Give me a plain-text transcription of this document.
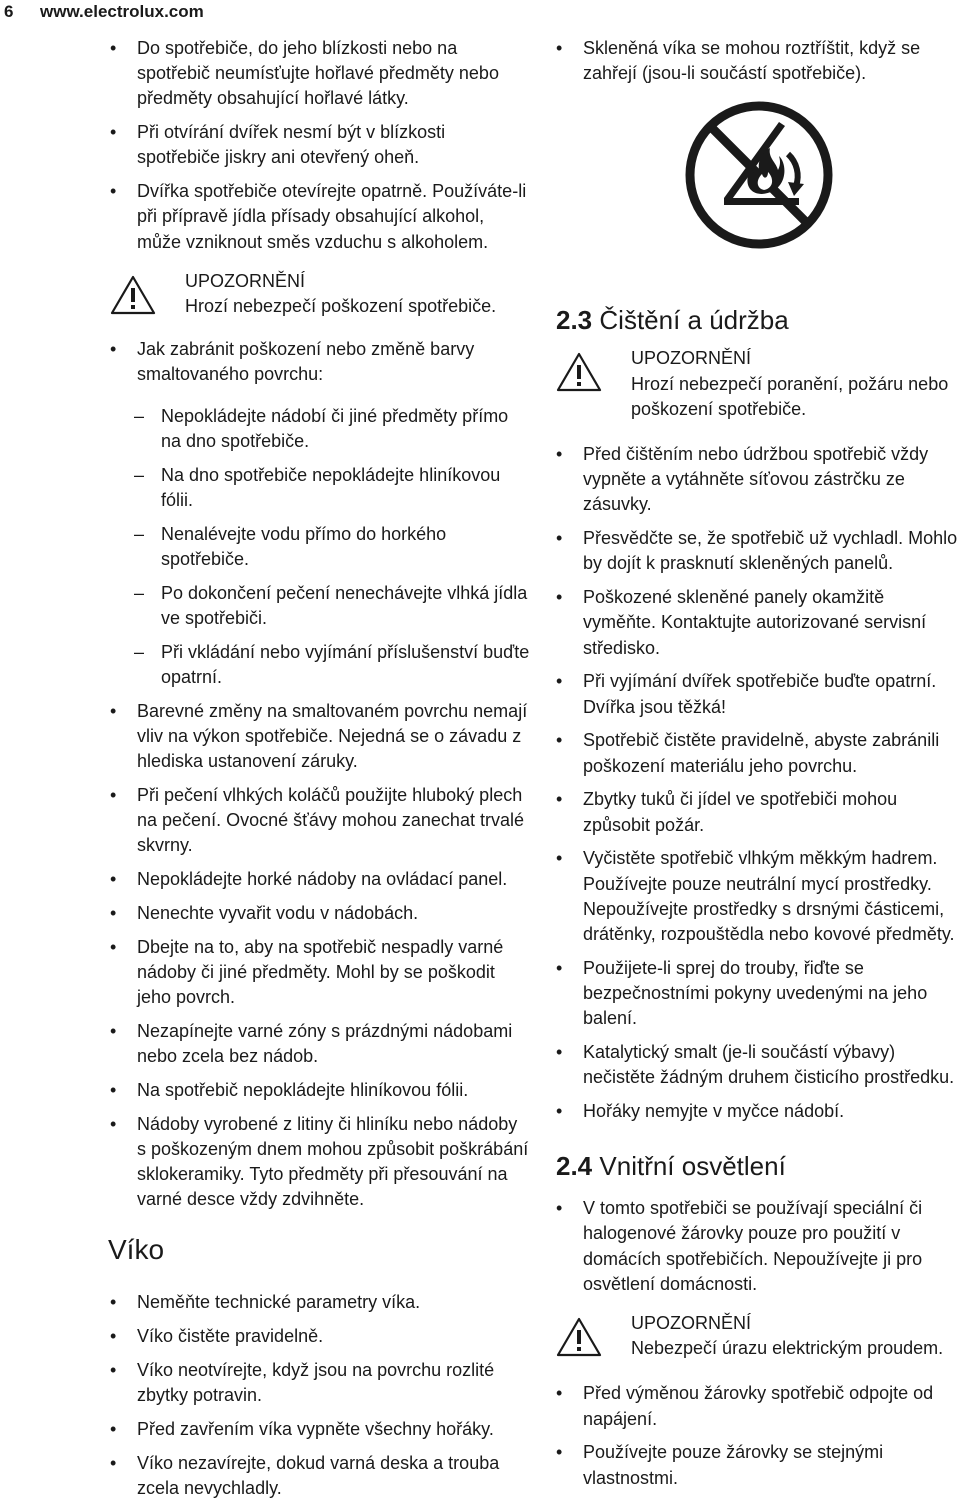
6 www.electrolux.com
• Do spotřebiče, do jeho blízkosti nebo na spotřebič neumísťujte hořlavé předměty nebo předměty obsahující hořlavé látky.
• Při otvírání dvířek nesmí být v blízkosti spotřebiče jiskry ani otevřený oheň.
• Dvířka spotřebiče otevírejte opatrně. Používáte-li při přípravě jídla přísady obsahující alkohol, může vzniknout směs vzduchu s alkoholem.
UPOZORNĚNÍ
Hrozí nebezpečí poškození spotřebiče.
• Jak zabránit poškození nebo změně barvy smaltovaného povrchu:
– Nepokládejte nádobí či jiné předměty přímo na dno spotřebiče.
– Na dno spotřebiče nepokládejte hliníkovou fólii.
– Nenalévejte vodu přímo do horkého spotřebiče.
– Po dokončení pečení nenechávejte vlhká jídla ve spotřebiči.
– Při vkládání nebo vyjímání příslušenství buďte opatrní.
• Barevné změny na smaltovaném povrchu nemají vliv na výkon spotřebiče. Nejedná se o závadu z hlediska ustanovení záruky.
• Při pečení vlhkých koláčů použijte hluboký plech na pečení. Ovocné šťávy mohou zanechat trvalé skvrny.
• Nepokládejte horké nádoby na ovládací panel.
• Nenechte vyvařit vodu v nádobách.
• Dbejte na to, aby na spotřebič nespadly varné nádoby či jiné předměty. Mohl by se poškodit jeho povrch.
• Nezapínejte varné zóny s prázdnými nádobami nebo zcela bez nádob.
• Na spotřebič nepokládejte hliníkovou fólii.
• Nádoby vyrobené z litiny či hliníku nebo nádoby s poškozeným dnem mohou způsobit poškrábání sklokeramiky. Tyto předměty při přesouvání na varné desce vždy zdvihněte.
Víko
• Neměňte technické parametry víka.
• Víko čistěte pravidelně.
• Víko neotvírejte, když jsou na povrchu rozlité zbytky potravin.
• Před zavřením víka vypněte všechny hořáky.
• Víko nezavírejte, dokud varná deska a trouba zcela nevychladly.
• Skleněná víka se mohou roztříštit, když se zahřejí (jsou-li součástí spotřebiče).
2.3 Čištění a údržba
UPOZORNĚNÍ
Hrozí nebezpečí poranění, požáru nebo poškození spotřebiče.
• Před čištěním nebo údržbou spotřebič vždy vypněte a vytáhněte síťovou zástrčku ze zásuvky.
• Přesvědčte se, že spotřebič už vychladl. Mohlo by dojít k prasknutí skleněných panelů.
• Poškozené skleněné panely okamžitě vyměňte. Kontaktujte autorizované servisní středisko.
• Při vyjímání dvířek spotřebiče buďte opatrní. Dvířka jsou těžká!
• Spotřebič čistěte pravidelně, abyste zabránili poškození materiálu jeho povrchu.
• Zbytky tuků či jídel ve spotřebiči mohou způsobit požár.
• Vyčistěte spotřebič vlhkým měkkým hadrem. Používejte pouze neutrální mycí prostředky. Nepoužívejte prostředky s drsnými částicemi, drátěnky, rozpouštědla nebo kovové předměty.
• Použijete-li sprej do trouby, řiďte se bezpečnostními pokyny uvedenými na jeho balení.
• Katalytický smalt (je-li součástí výbavy) nečistěte žádným druhem čisticího prostředku.
• Hořáky nemyjte v myčce nádobí.
2.4 Vnitřní osvětlení
• V tomto spotřebiči se používají speciální či halogenové žárovky pouze pro použití v domácích spotřebičích. Nepoužívejte ji pro osvětlení domácnosti.
UPOZORNĚNÍ
Nebezpečí úrazu elektrickým proudem.
• Před výměnou žárovky spotřebič odpojte od napájení.
• Používejte pouze žárovky se stejnými vlastnostmi.
